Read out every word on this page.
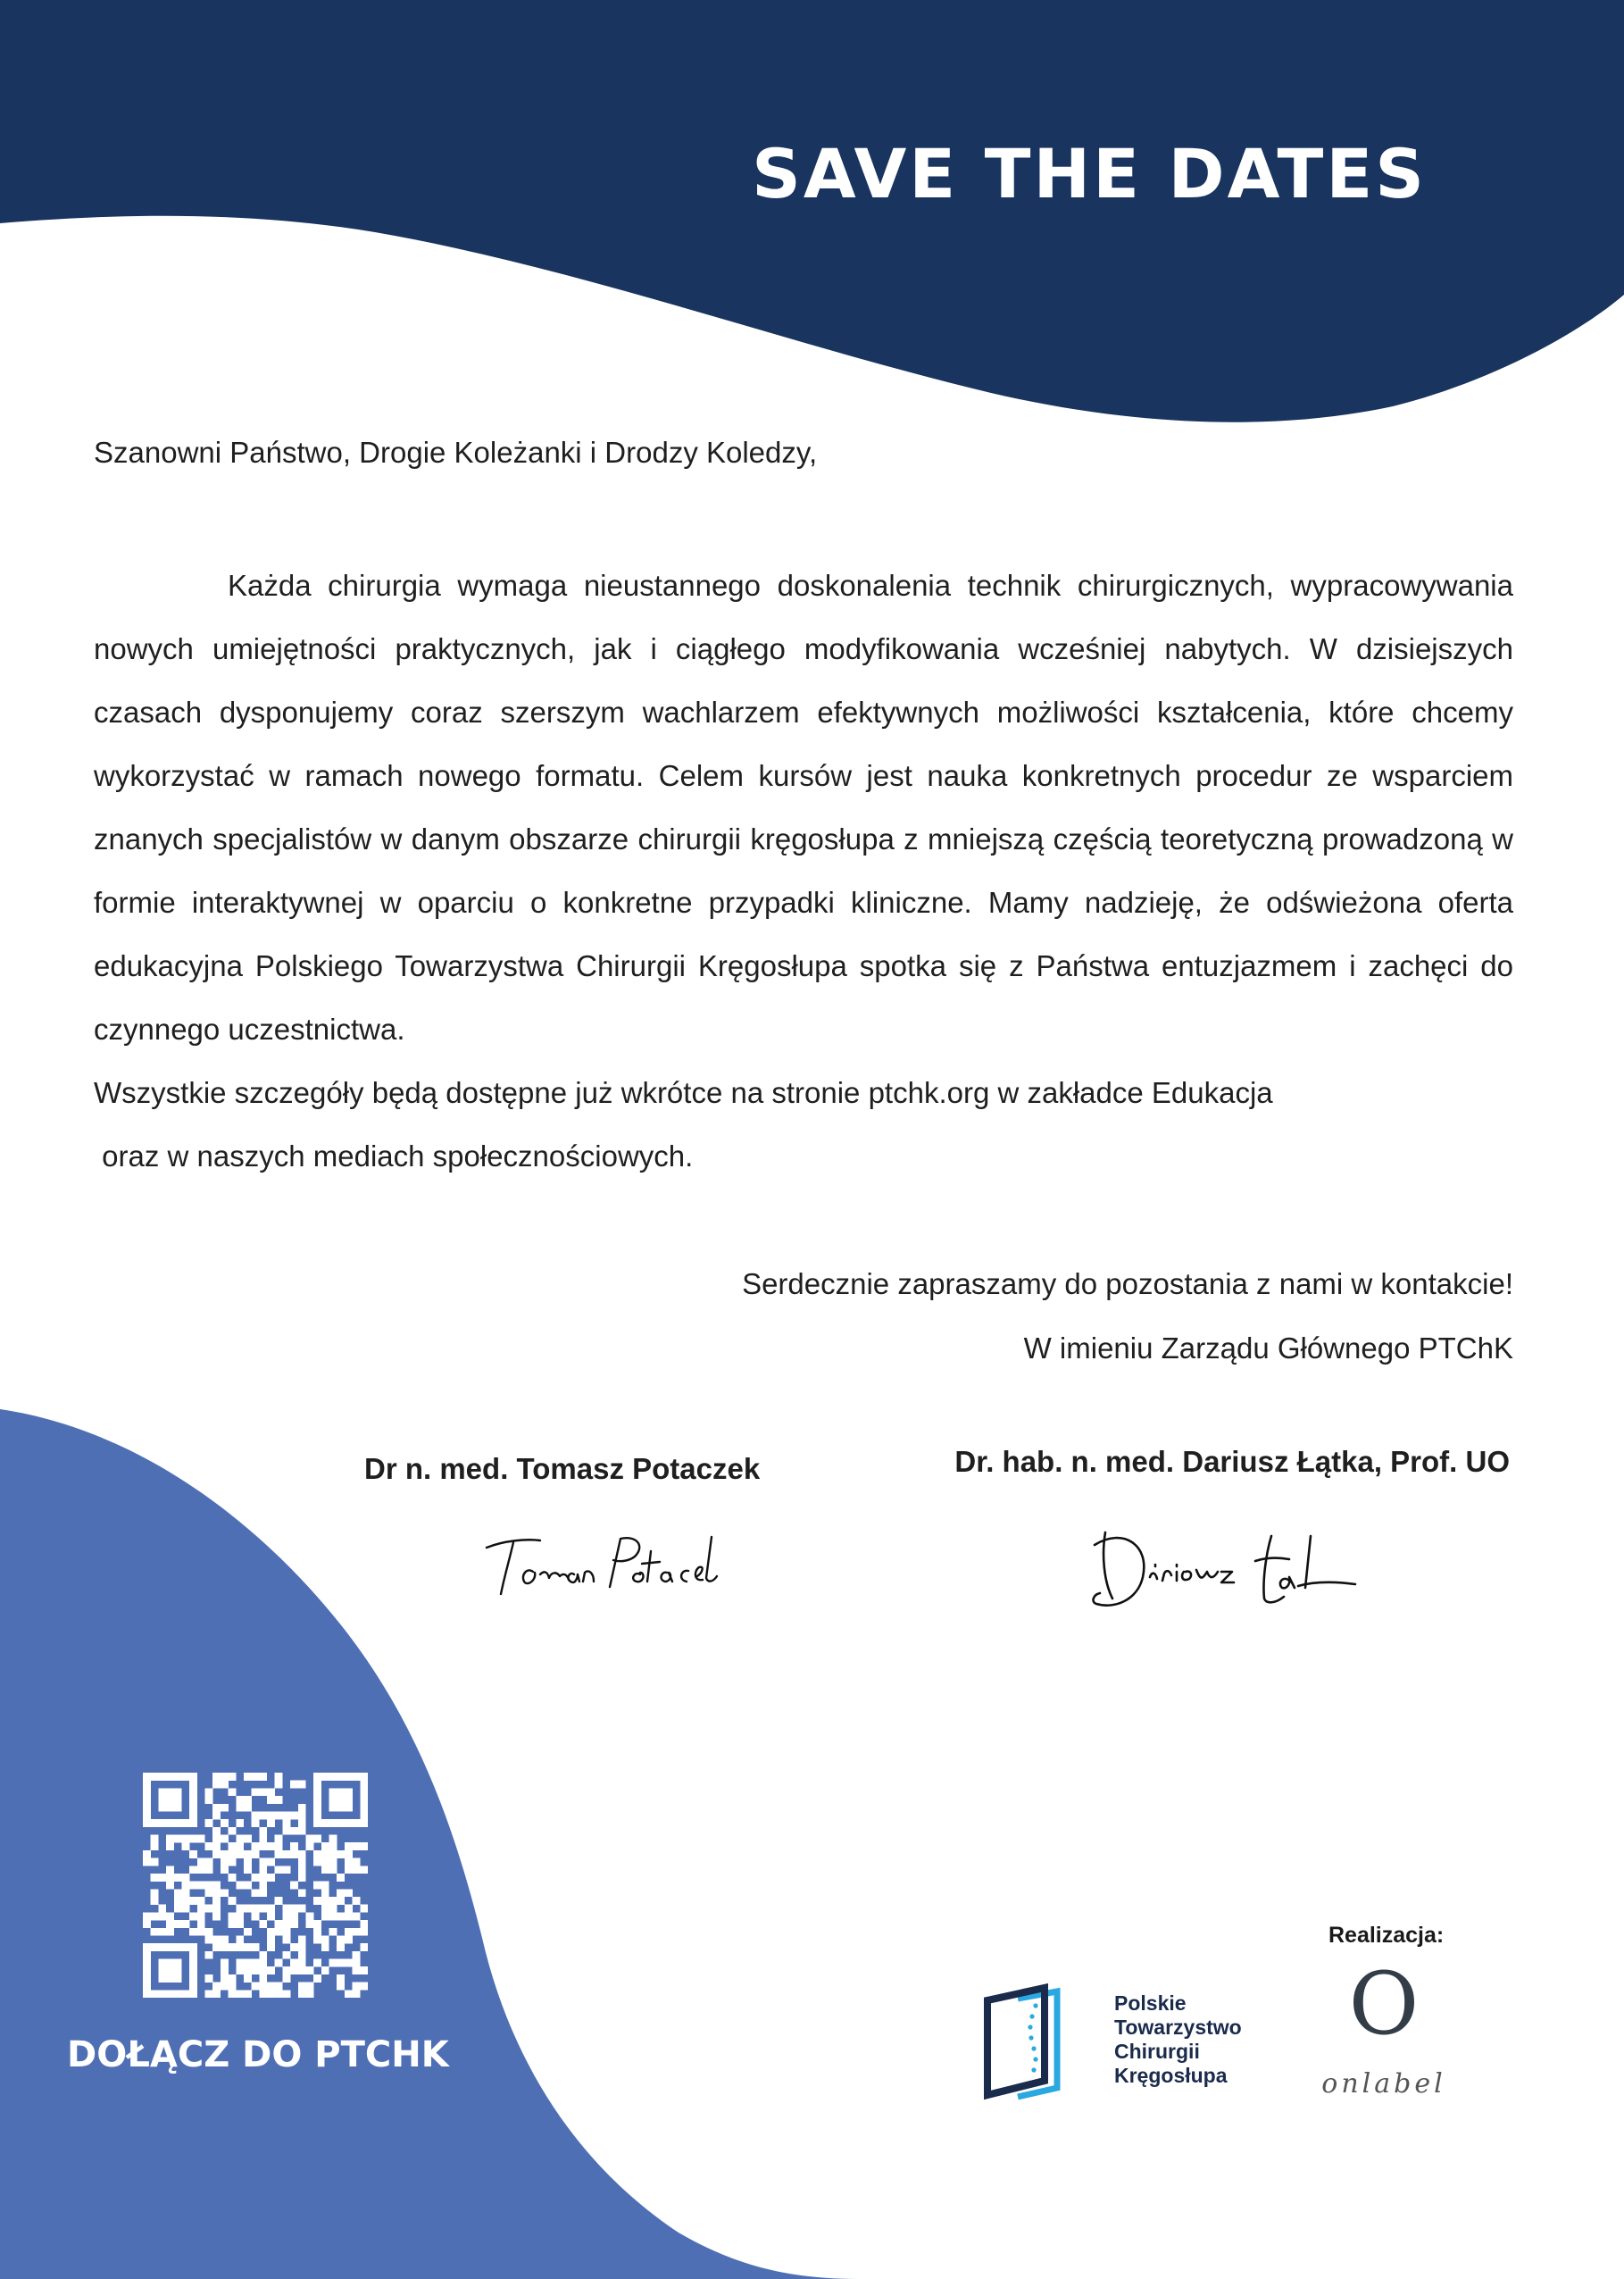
SAVE THE DATES
Szanowni Państwo, Drogie Koleżanki i Drodzy Koledzy,

Każda chirurgia wymaga nieustannego doskonalenia technik chirurgicznych, wypracowywania nowych umiejętności praktycznych, jak i ciągłego modyfikowania wcześniej nabytych. W dzisiejszych czasach dysponujemy coraz szerszym wachlarzem efektywnych możliwości kształcenia, które chcemy wykorzystać w ramach nowego formatu. Celem kursów jest nauka konkretnych procedur ze wsparciem znanych specjalistów w danym obszarze chirurgii kręgosłupa z mniejszą częścią teoretyczną prowadzoną w formie interaktywnej w oparciu o konkretne przypadki kliniczne. Mamy nadzieję, że odświeżona oferta edukacyjna Polskiego Towarzystwa Chirurgii Kręgosłupa spotka się z Państwa entuzjazmem i zachęci do czynnego uczestnictwa.

Wszystkie szczegóły będą dostępne już wkrótce na stronie ptchk.org w zakładce Edukacja

oraz w naszych mediach społecznościowych.

Serdecznie zapraszamy do pozostania z nami w kontakcie!
W imieniu Zarządu Głównego PTChK
Dr n. med. Tomasz Potaczek	Dr. hab. n. med. Dariusz Łątka, Prof. UO
DOŁĄCZ DO PTCHK
Realizacja:
Polskie
Towarzystwo
Chirurgii
Kręgosłupa
O
onlabel
